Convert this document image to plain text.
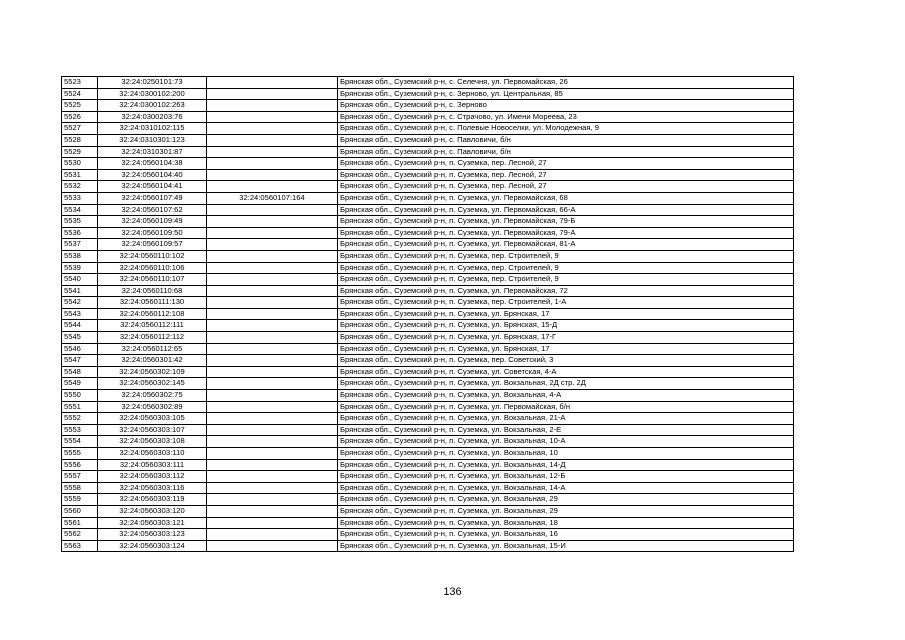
5523	32:24:0250101:73		Брянская обл., Суземский р-н, с. Селечня, ул. Первомайская, 26
5524	32:24:0300102:200		Брянская обл., Суземский р-н, с. Зерново, ул. Центральная, 85
5525	32:24:0300102:263		Брянская обл., Суземский р-н, с. Зерново
5526	32:24:0300203:76		Брянская обл., Суземский р-н, с. Страчово, ул. Имени Мореева, 23
5527	32:24:0310102:115		Брянская обл., Суземский р-н, с. Полевые Новоселки, ул. Молодежная, 9
5528	32:24:0310301:123		Брянская обл., Суземский р-н, с. Павловичи, б/н
5529	32:24:0310301:87		Брянская обл., Суземский р-н, с. Павловичи, б/н
5530	32:24:0560104:38		Брянская обл., Суземский р-н, п. Суземка, пер. Лесной, 27
5531	32:24:0560104:40		Брянская обл., Суземский р-н, п. Суземка, пер. Лесной, 27
5532	32:24:0560104:41		Брянская обл., Суземский р-н, п. Суземка, пер. Лесной, 27
5533	32:24:0560107:49	32:24:0560107:164	Брянская обл., Суземский р-н, п. Суземка, ул. Первомайская, 68
5534	32:24:0560107:62		Брянская обл., Суземский р-н, п. Суземка, ул. Первомайская, 66-А
5535	32:24:0560109:49		Брянская обл., Суземский р-н, п. Суземка, ул. Первомайская, 79-Б
5536	32:24:0560109:50		Брянская обл., Суземский р-н, п. Суземка, ул. Первомайская, 79-А
5537	32:24:0560109:57		Брянская обл., Суземский р-н, п. Суземка, ул. Первомайская, 81-А
5538	32:24:0560110:102		Брянская обл., Суземский р-н, п. Суземка, пер. Строителей, 9
5539	32:24:0560110:106		Брянская обл., Суземский р-н, п. Суземка, пер. Строителей, 9
5540	32:24:0560110:107		Брянская обл., Суземский р-н, п. Суземка, пер. Строителей, 9
5541	32:24:0560110:68		Брянская обл., Суземский р-н, п. Суземка, ул. Первомайская, 72
5542	32:24:0560111:130		Брянская обл., Суземский р-н, п. Суземка, пер. Строителей, 1-А
5543	32:24:0560112:108		Брянская обл., Суземский р-н, п. Суземка, ул. Брянская, 17
5544	32:24:0560112:111		Брянская обл., Суземский р-н, п. Суземка, ул. Брянская, 15-Д
5545	32:24:0560112:112		Брянская обл., Суземский р-н, п. Суземка, ул. Брянская, 17-Г
5546	32:24:0560112:65		Брянская обл., Суземский р-н, п. Суземка, ул. Брянская, 17
5547	32:24:0560301:42		Брянская обл., Суземский р-н, п. Суземка, пер. Советский, 3
5548	32:24:0560302:109		Брянская обл., Суземский р-н, п. Суземка, ул. Советская, 4-А
5549	32:24:0560302:145		Брянская обл., Суземский р-н, п. Суземка, ул. Вокзальная, 2Д стр. 2Д
5550	32:24:0560302:75		Брянская обл., Суземский р-н, п. Суземка, ул. Вокзальная, 4-А
5551	32:24:0560302:89		Брянская обл., Суземский р-н, п. Суземка, ул. Первомайская, б/н
5552	32:24:0560303:105		Брянская обл., Суземский р-н, п. Суземка, ул. Вокзальная, 21-А
5553	32:24:0560303:107		Брянская обл., Суземский р-н, п. Суземка, ул. Вокзальная, 2-Е
5554	32:24:0560303:108		Брянская обл., Суземский р-н, п. Суземка, ул. Вокзальная, 10-А
5555	32:24:0560303:110		Брянская обл., Суземский р-н, п. Суземка, ул. Вокзальная, 10
5556	32:24:0560303:111		Брянская обл., Суземский р-н, п. Суземка, ул. Вокзальная, 14-Д
5557	32:24:0560303:112		Брянская обл., Суземский р-н, п. Суземка, ул. Вокзальная, 12-Б
5558	32:24:0560303:116		Брянская обл., Суземский р-н, п. Суземка, ул. Вокзальная, 14-А
5559	32:24:0560303:119		Брянская обл., Суземский р-н, п. Суземка, ул. Вокзальная, 29
5560	32:24:0560303:120		Брянская обл., Суземский р-н, п. Суземка, ул. Вокзальная, 29
5561	32:24:0560303:121		Брянская обл., Суземский р-н, п. Суземка, ул. Вокзальная, 18
5562	32:24:0560303:123		Брянская обл., Суземский р-н, п. Суземка, ул. Вокзальная, 16
5563	32:24:0560303:124		Брянская обл., Суземский р-н, п. Суземка, ул. Вокзальная, 15-И
136
